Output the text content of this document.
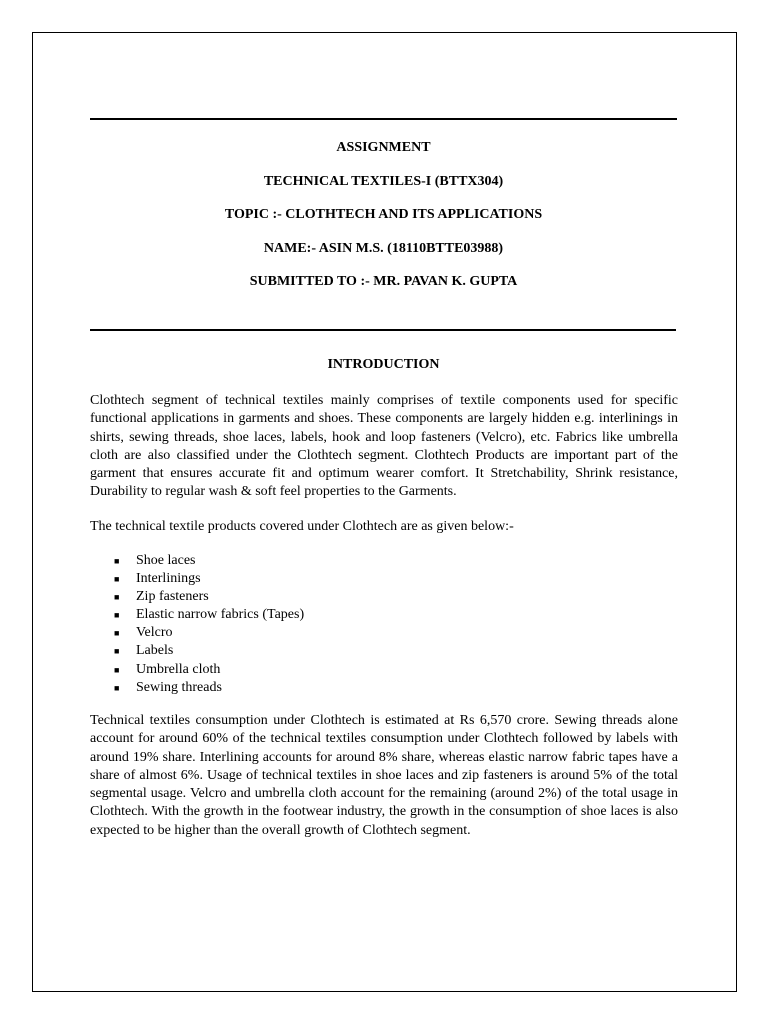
ASSIGNMENT
TECHNICAL TEXTILES-I (BTTX304)
TOPIC :- CLOTHTECH AND ITS APPLICATIONS
NAME:- ASIN M.S. (18110BTTE03988)
SUBMITTED TO :- MR. PAVAN K. GUPTA
INTRODUCTION

Clothtech segment of technical textiles mainly comprises of textile components used for specific functional applications in garments and shoes. These components are largely hidden e.g. interlinings in shirts, sewing threads, shoe laces, labels, hook and loop fasteners (Velcro), etc. Fabrics like umbrella cloth are also classified under the Clothtech segment. Clothtech Products are important part of the garment that ensures accurate fit and optimum wearer comfort. It Stretchability, Shrink resistance, Durability to regular wash & soft feel properties to the Garments.

The technical textile products covered under Clothtech are as given below:-

■ Shoe laces
■ Interlinings
■ Zip fasteners
■ Elastic narrow fabrics (Tapes)
■ Velcro
■ Labels
■ Umbrella cloth
■ Sewing threads

Technical textiles consumption under Clothtech is estimated at Rs 6,570 crore. Sewing threads alone account for around 60% of the technical textiles consumption under Clothtech followed by labels with around 19% share. Interlining accounts for around 8% share, whereas elastic narrow fabric tapes have a share of almost 6%. Usage of technical textiles in shoe laces and zip fasteners is around 5% of the total segmental usage. Velcro and umbrella cloth account for the remaining (around 2%) of the total usage in Clothtech. With the growth in the footwear industry, the growth in the consumption of shoe laces is also expected to be higher than the overall growth of Clothtech segment.
